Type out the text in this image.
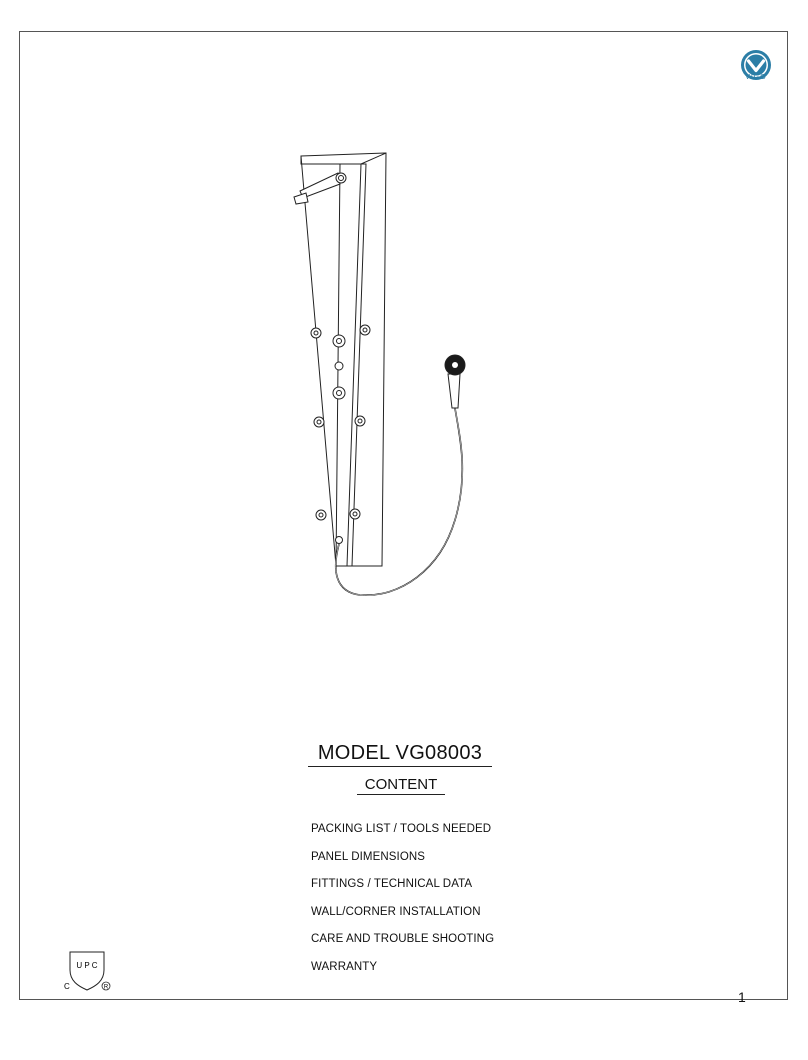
VIGO
MODEL VG08003
CONTENT
PACKING LIST / TOOLS NEEDED
PANEL DIMENSIONS
FITTINGS / TECHNICAL DATA
WALL/CORNER INSTALLATION
CARE AND TROUBLE SHOOTING
WARRANTY
U P C
C	R
1
